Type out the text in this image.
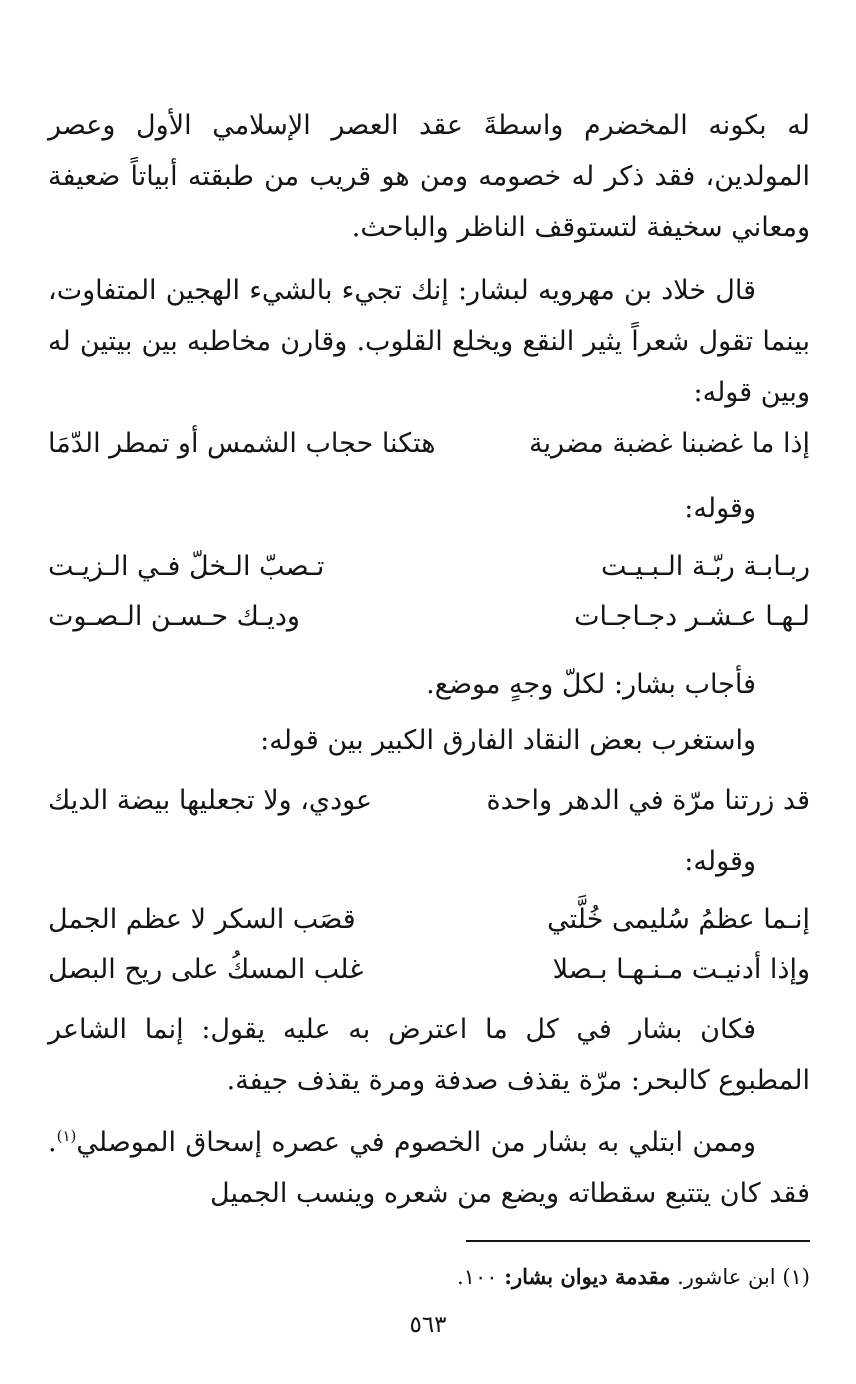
له بكونه المخضرم واسطةَ عقد العصر الإسلامي الأول وعصر المولدين، فقد ذكر له خصومه ومن هو قريب من طبقته أبياتاً ضعيفة ومعاني سخيفة لتستوقف الناظر والباحث.

قال خلاد بن مهرويه لبشار: إنك تجيء بالشيء الهجين المتفاوت، بينما تقول شعراً يثير النقع ويخلع القلوب. وقارن مخاطبه بين بيتين له وبين قوله:

إذا ما غضبنا غضبة مضرية
هتكنا حجاب الشمس أو تمطر الدّمَا

وقوله:

ربـابـة ربّـة الـبـيـت
تـصبّ الـخلّ فـي الـزيـت
لـهـا عـشـر دجـاجـات
وديـك حـسـن الـصـوت

فأجاب بشار: لكلّ وجهٍ موضع.

واستغرب بعض النقاد الفارق الكبير بين قوله:

قد زرتنا مرّة في الدهر واحدة
عودي، ولا تجعليها بيضة الديك

وقوله:

إنـما عظمُ سُليمى خُلَّتي
قصَب السكر لا عظم الجمل
وإذا أدنيـت مـنـهـا بـصلا
غلب المسكُ على ريح البصل

فكان بشار في كل ما اعترض به عليه يقول: إنما الشاعر المطبوع كالبحر: مرّة يقذف صدفة ومرة يقذف جيفة.

وممن ابتلي به بشار من الخصوم في عصره إسحاق الموصلي$^{(١)}$. فقد كان يتتبع سقطاته ويضع من شعره وينسب الجميل

(١) ابن عاشور. مقدمة ديوان بشار: ١٠٠.

٥٦٣
